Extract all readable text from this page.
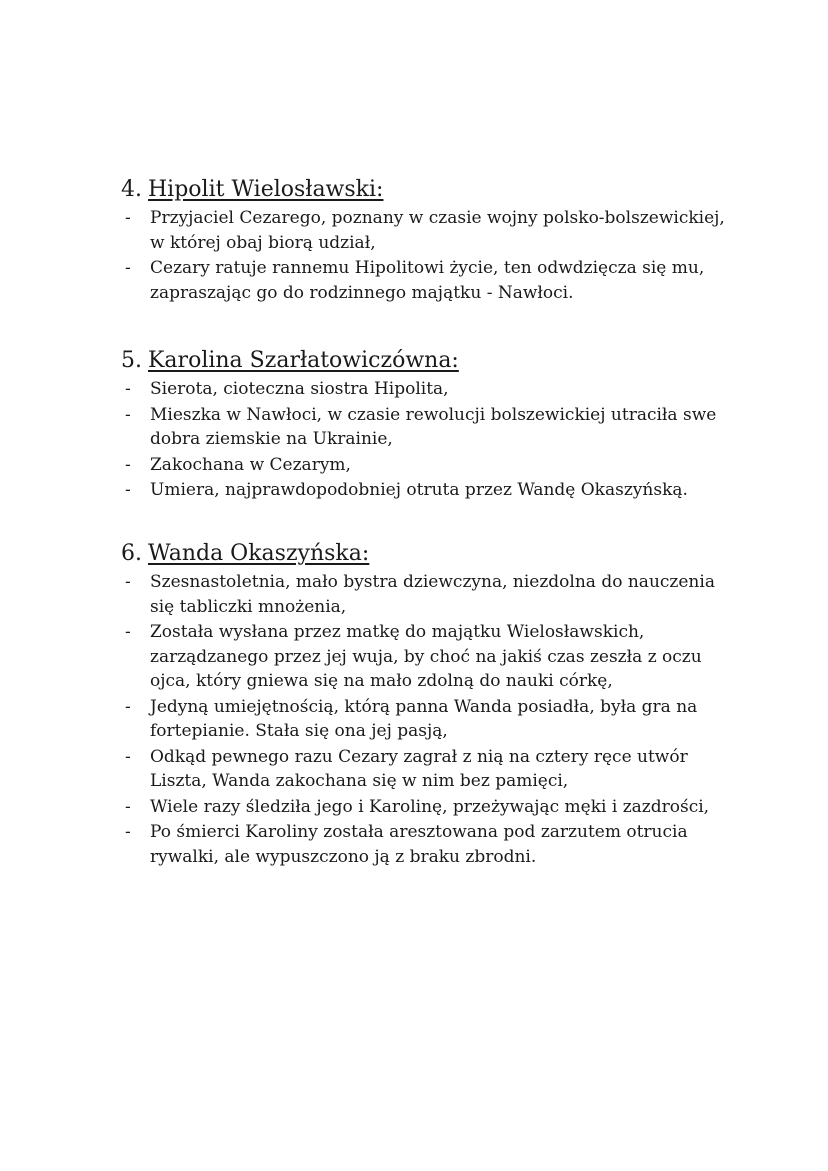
4. Hipolit Wielosławski:
- Przyjaciel Cezarego, poznany w czasie wojny polsko-bolszewickiej,
w której obaj biorą udział,
- Cezary ratuje rannemu Hipolitowi życie, ten odwdzięcza się mu,
zapraszając go do rodzinnego majątku - Nawłoci.
5. Karolina Szarłatowiczówna:
- Sierota, cioteczna siostra Hipolita,
- Mieszka w Nawłoci, w czasie rewolucji bolszewickiej utraciła swe
dobra ziemskie na Ukrainie,
- Zakochana w Cezarym,
- Umiera, najprawdopodobniej otruta przez Wandę Okaszyńską.
6. Wanda Okaszyńska:
- Szesnastoletnia, mało bystra dziewczyna, niezdolna do nauczenia
się tabliczki mnożenia,
- Została wysłana przez matkę do majątku Wielosławskich,
zarządzanego przez jej wuja, by choć na jakiś czas zeszła z oczu
ojca, który gniewa się na mało zdolną do nauki córkę,
- Jedyną umiejętnością, którą panna Wanda posiadła, była gra na
fortepianie. Stała się ona jej pasją,
- Odkąd pewnego razu Cezary zagrał z nią na cztery ręce utwór
Liszta, Wanda zakochana się w nim bez pamięci,
- Wiele razy śledziła jego i Karolinę, przeżywając męki i zazdrości,
- Po śmierci Karoliny została aresztowana pod zarzutem otrucia
rywalki, ale wypuszczono ją z braku zbrodni.
